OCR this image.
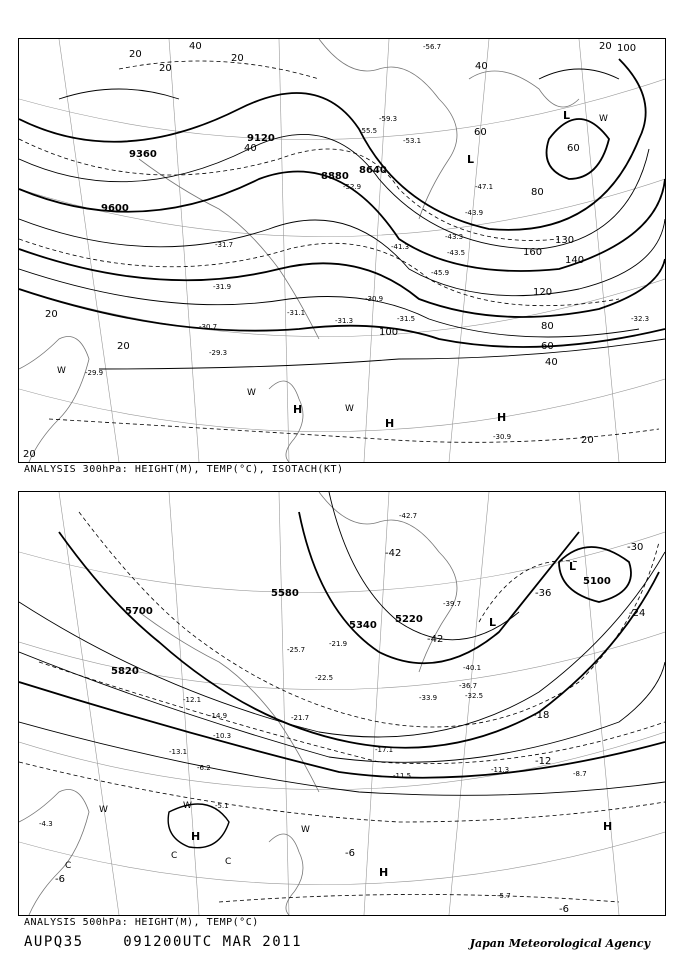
9360
9600
9120
8880
8640
20
20
20
40
40
40
60
60
60
80
80
100
100
120
130
140
160
20
20
20
20
40
20
-31.7
-31.9
-30.7
-29.3
-31.3
-31.1
-32.3
-31.5
-30.9
-43.3
-45.9
-43.9
-47.1
-55.5
-56.7
-59.3
-53.1
-52.9
-41.3
-43.5
-30.9
-29.9
L
L
H
H	H
W
W
W
W
ANALYSIS 300hPa: HEIGHT(M), TEMP(°C), ISOTACH(KT)
5700
5580
5820
5340
5100
5220
-42
-42
-36
-30
-24
-18
-12
-6
-6
-6
-36.7
-32.5
-17.1
-11.5
-11.3	-8.7
-5.7
-5.1
-12.1
-14.9	-21.7
-33.9
-40.1
-39.7
-42.7
-21.9
-22.5
-25.7
-4.3
-10.3
-13.1
-6.2
L
L
H
H
H
C
C
C
W	W
W
ANALYSIS 500hPa: HEIGHT(M), TEMP(°C)
AUPQ35	091200UTC MAR 2011	Japan Meteorological Agency
